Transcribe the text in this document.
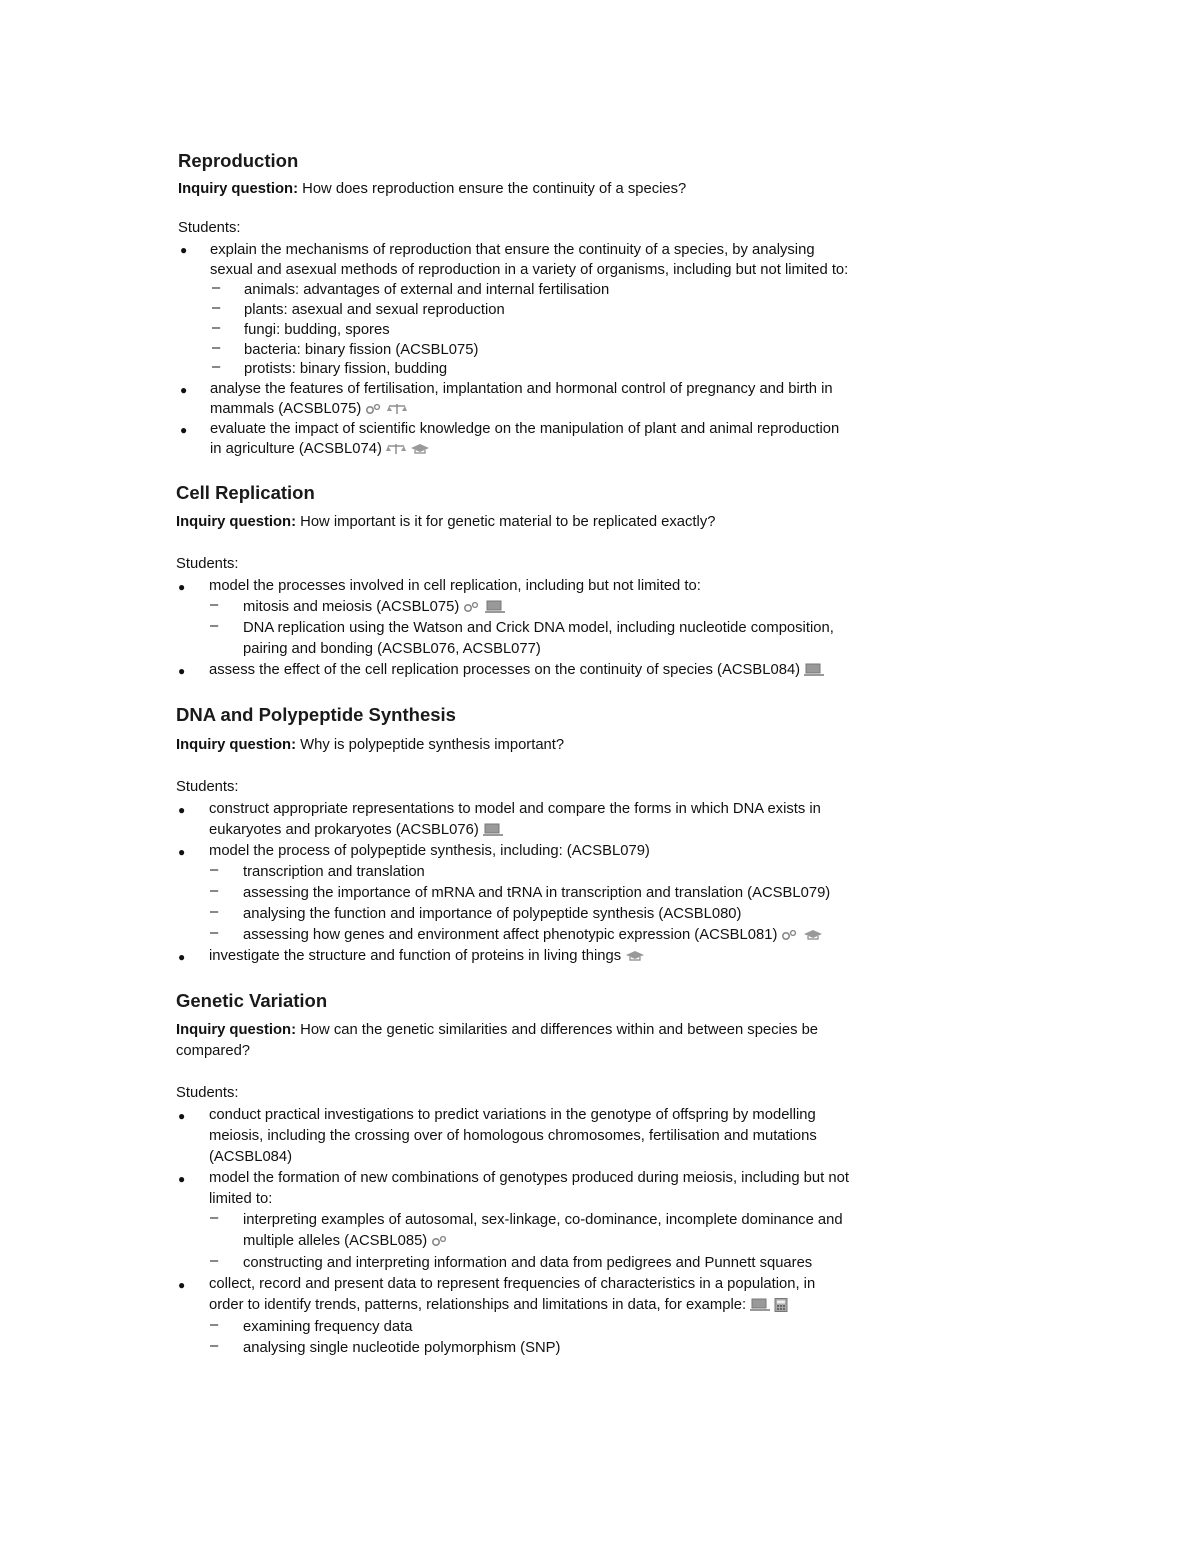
Reproduction
Inquiry question: How does reproduction ensure the continuity of a species?
Students:
● explain the mechanisms of reproduction that ensure the continuity of a species, by analysing
sexual and asexual methods of reproduction in a variety of organisms, including but not limited to:
– animals: advantages of external and internal fertilisation
– plants: asexual and sexual reproduction
– fungi: budding, spores
– bacteria: binary fission (ACSBL075)
– protists: binary fission, budding
● analyse the features of fertilisation, implantation and hormonal control of pregnancy and birth in
mammals (ACSBL075)
● evaluate the impact of scientific knowledge on the manipulation of plant and animal reproduction
in agriculture (ACSBL074)
Cell Replication
Inquiry question: How important is it for genetic material to be replicated exactly?
Students:
● model the processes involved in cell replication, including but not limited to:
– mitosis and meiosis (ACSBL075)
– DNA replication using the Watson and Crick DNA model, including nucleotide composition,
pairing and bonding (ACSBL076, ACSBL077)
● assess the effect of the cell replication processes on the continuity of species (ACSBL084)
DNA and Polypeptide Synthesis
Inquiry question: Why is polypeptide synthesis important?
Students:
● construct appropriate representations to model and compare the forms in which DNA exists in
eukaryotes and prokaryotes (ACSBL076)
● model the process of polypeptide synthesis, including: (ACSBL079)
– transcription and translation
– assessing the importance of mRNA and tRNA in transcription and translation (ACSBL079)
– analysing the function and importance of polypeptide synthesis (ACSBL080)
– assessing how genes and environment affect phenotypic expression (ACSBL081)
● investigate the structure and function of proteins in living things
Genetic Variation
Inquiry question: How can the genetic similarities and differences within and between species be
compared?
Students:
● conduct practical investigations to predict variations in the genotype of offspring by modelling
meiosis, including the crossing over of homologous chromosomes, fertilisation and mutations
(ACSBL084)
● model the formation of new combinations of genotypes produced during meiosis, including but not
limited to:
– interpreting examples of autosomal, sex-linkage, co-dominance, incomplete dominance and
multiple alleles (ACSBL085)
– constructing and interpreting information and data from pedigrees and Punnett squares
● collect, record and present data to represent frequencies of characteristics in a population, in
order to identify trends, patterns, relationships and limitations in data, for example:
– examining frequency data
– analysing single nucleotide polymorphism (SNP)
